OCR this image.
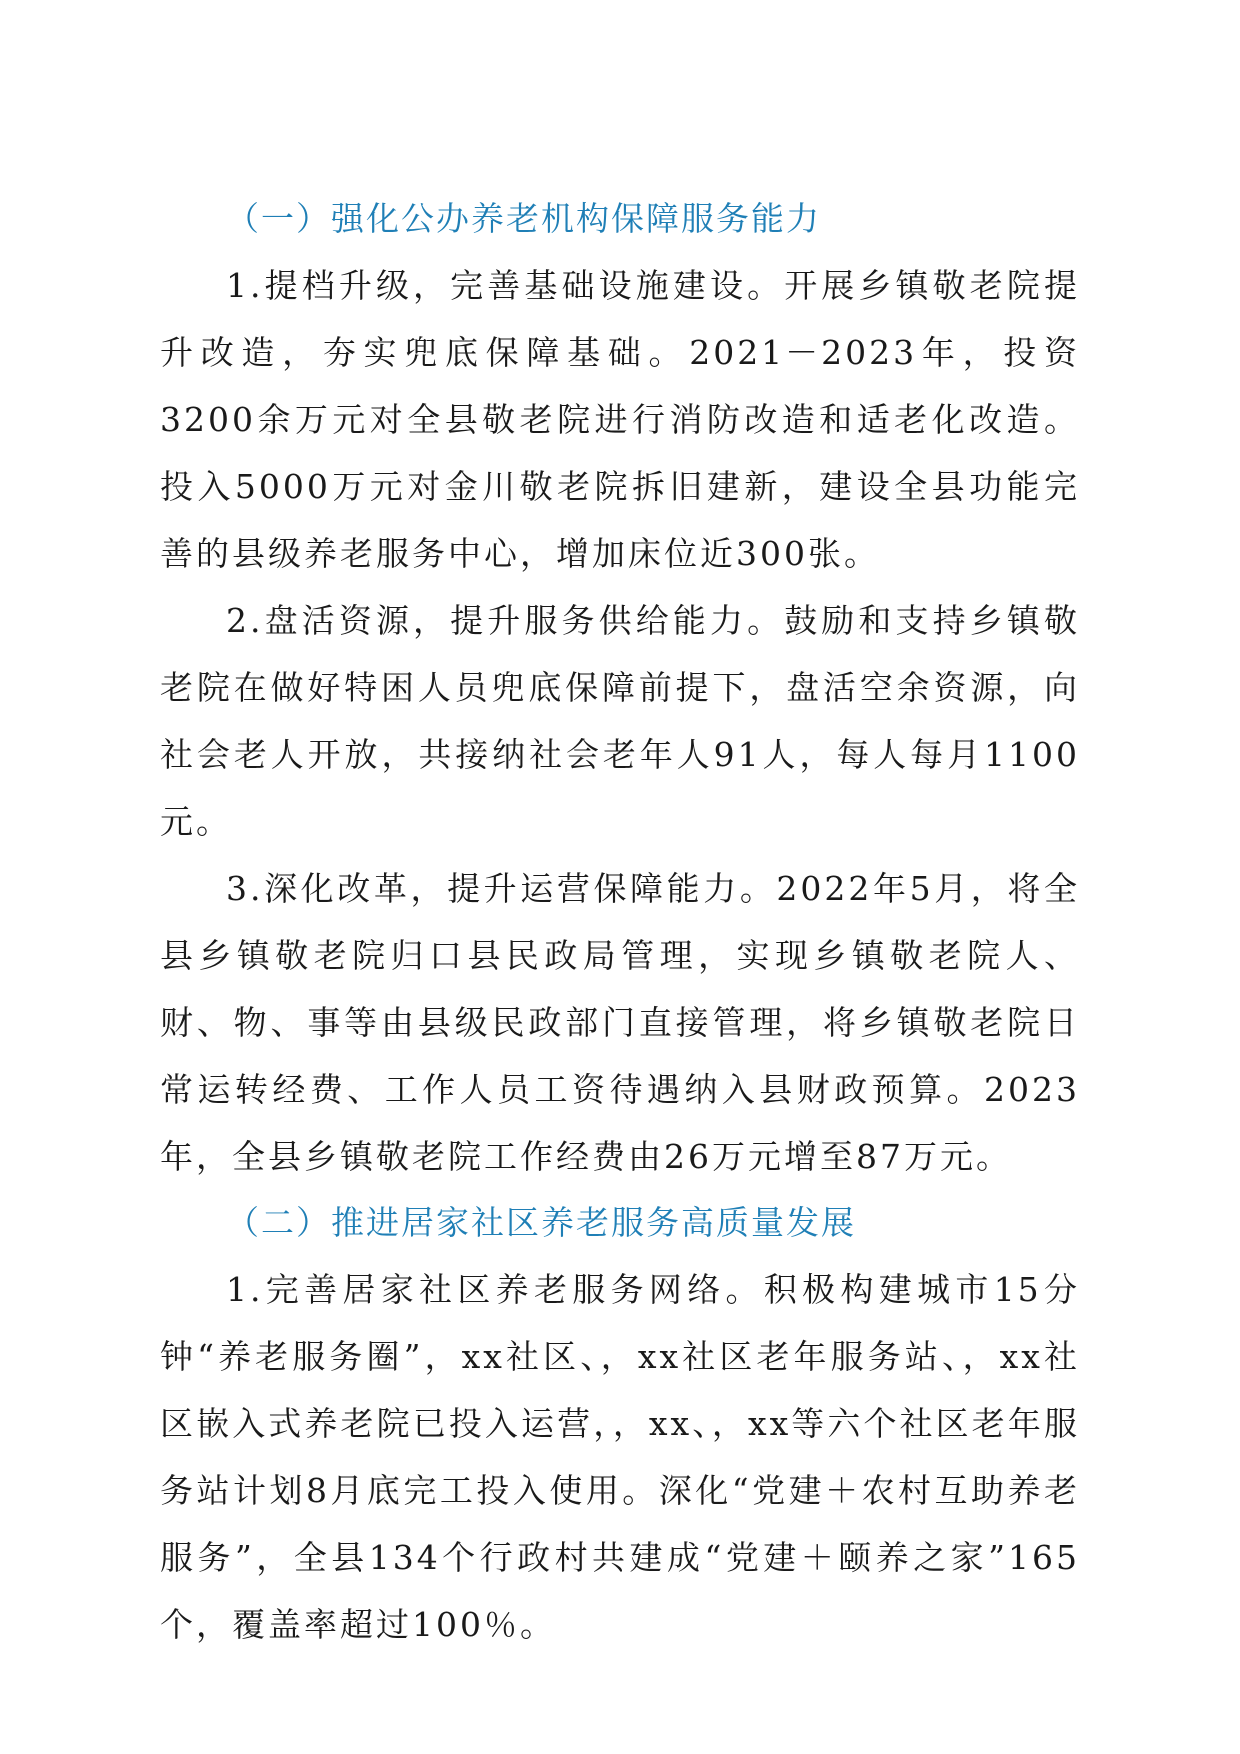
（一）强化公办养老机构保障服务能力

1.提档升级，完善基础设施建设。开展乡镇敬老院提升改造，夯实兜底保障基础。2021－2023年，投资3200余万元对全县敬老院进行消防改造和适老化改造。投入5000万元对金川敬老院拆旧建新，建设全县功能完善的县级养老服务中心，增加床位近300张。

2.盘活资源，提升服务供给能力。鼓励和支持乡镇敬老院在做好特困人员兜底保障前提下，盘活空余资源，向社会老人开放，共接纳社会老年人91人，每人每月1100元。

3.深化改革，提升运营保障能力。2022年5月，将全县乡镇敬老院归口县民政局管理，实现乡镇敬老院人、财、物、事等由县级民政部门直接管理，将乡镇敬老院日常运转经费、工作人员工资待遇纳入县财政预算。2023年，全县乡镇敬老院工作经费由26万元增至87万元。

（二）推进居家社区养老服务高质量发展

1.完善居家社区养老服务网络。积极构建城市15分钟“养老服务圈”，xx社区、，xx社区老年服务站、，xx社区嵌入式养老院已投入运营，，xx、，xx等六个社区老年服务站计划8月底完工投入使用。深化“党建＋农村互助养老服务”，全县134个行政村共建成“党建＋颐养之家”165个，覆盖率超过100％。
